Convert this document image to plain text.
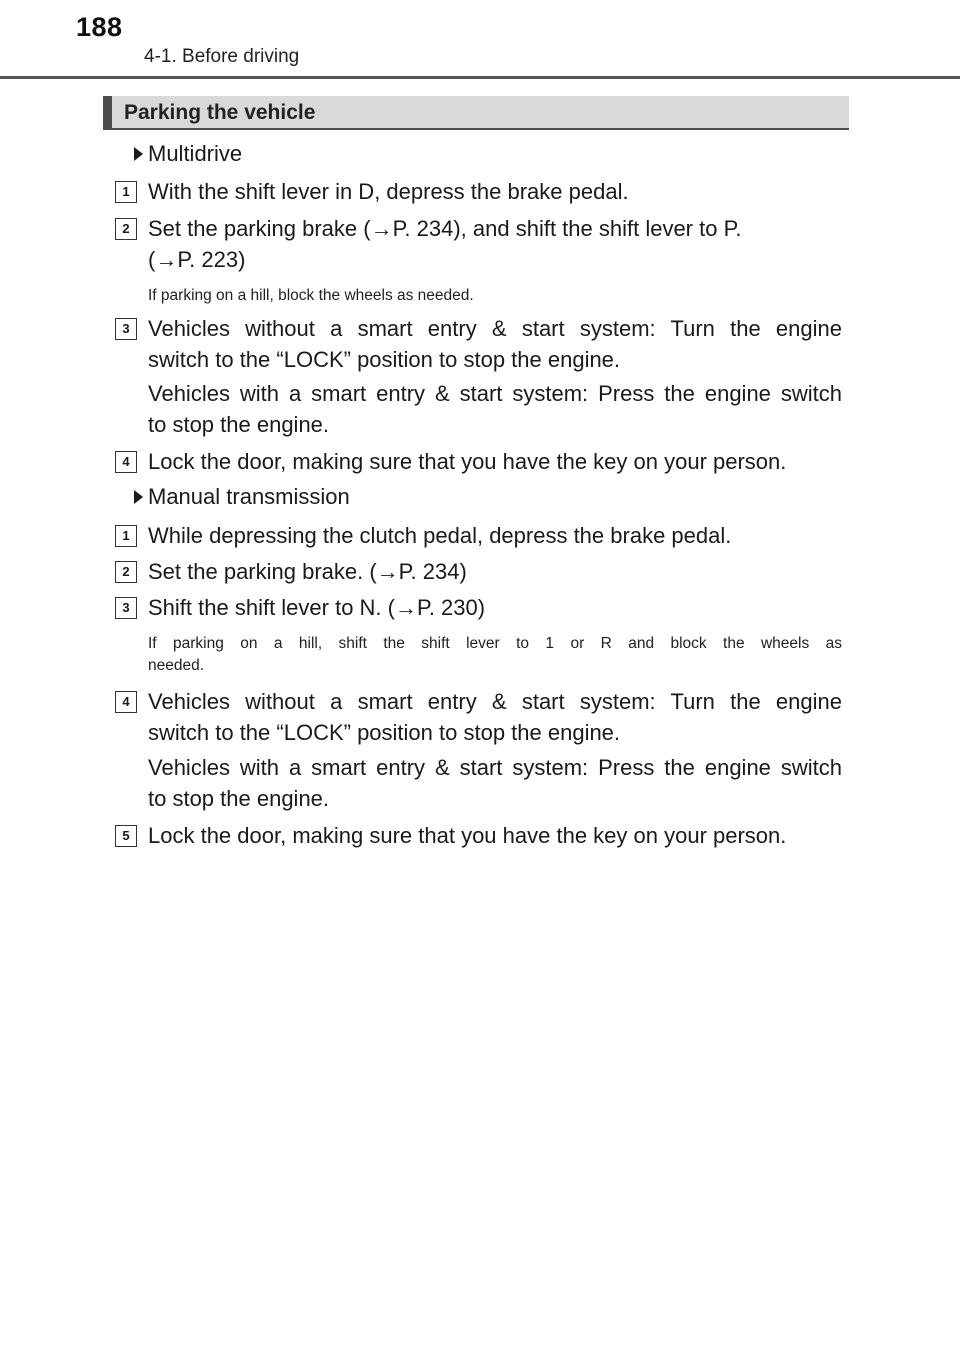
188
4-1. Before driving
Parking the vehicle
Multidrive
1 With the shift lever in D, depress the brake pedal.
2 Set the parking brake (→P. 234), and shift the shift lever to P.
(→P. 223)
If parking on a hill, block the wheels as needed.
3 Vehicles without a smart entry & start system: Turn the engine
switch to the “LOCK” position to stop the engine.
Vehicles with a smart entry & start system: Press the engine switch
to stop the engine.
4 Lock the door, making sure that you have the key on your person.
Manual transmission
1 While depressing the clutch pedal, depress the brake pedal.
2 Set the parking brake. (→P. 234)
3 Shift the shift lever to N. (→P. 230)
If parking on a hill, shift the shift lever to 1 or R and block the wheels as
needed.
4 Vehicles without a smart entry & start system: Turn the engine
switch to the “LOCK” position to stop the engine.
Vehicles with a smart entry & start system: Press the engine switch
to stop the engine.
5 Lock the door, making sure that you have the key on your person.
